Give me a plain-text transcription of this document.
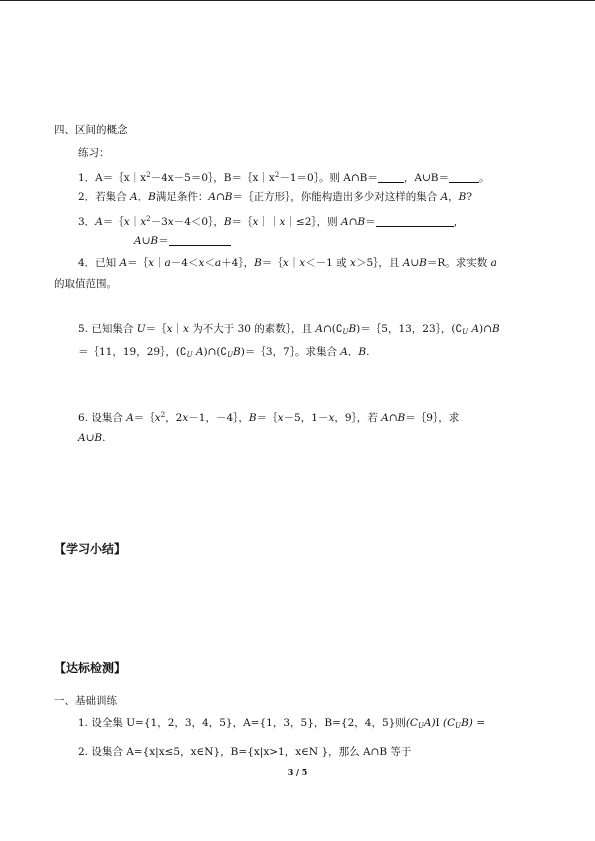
四、区间的概念
练习：
1．$A=\{x|x^2-4x-5=0\}$，$B=\{x|x^2-1=0\}$。则 A∩B＝ ，A∪B＝	。
2．若集合 A．B满足条件：A∩B＝｛正方形｝，你能构造出多少对这样的集合 A，B?
3．$A=\{x|x^2-3x-4<0\}$，B＝｛x｜｜x｜≤2｝，则 A∩B＝	，
A∪B＝
4．已知 A＝｛x｜a－4＜x＜a＋4｝，B＝｛x｜x＜－1 或 x＞5｝，且 A∪B＝R。求实数 a
的取值范围。
5. 已知集合 U＝｛x｜x 为不大于 30 的素数｝，且 $A\cap(∁_UB)=\{5$，13，23｝，($∁_U$ A)∩B
＝｛11，19，29｝，($∁_U$ $A)\cap(∁_UB)=\{3$，7｝。求集合 A．B.
6. 设集合 $A=\{x^2$，2x－1，－4｝，B＝｛x－5，1－x，9｝，若 A∩B＝｛9｝，求
A∪B.
【学习小结】
【达标检测】
一、基础训练
1. 设全集 U={1，2，3，4，5}，A={1，3，5}，B={2，4，5}则$(C_UA)I$ $(C_UB)$ =
2. 设集合 A={x|x≤5，x∈N}，B={x|x>1，x∈N }，那么 A∩B 等于
3 / 5
